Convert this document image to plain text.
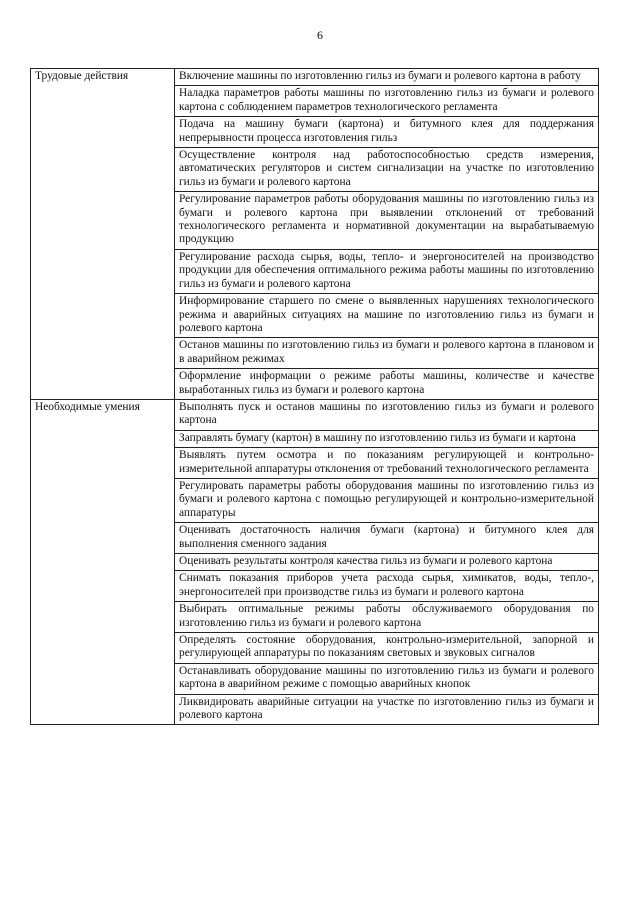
6
Трудовые действия	Включение машины по изготовлению гильз из бумаги и ролевого картона в работу
	Наладка параметров работы машины по изготовлению гильз из бумаги и ролевого картона с соблюдением параметров технологического регламента
	Подача на машину бумаги (картона) и битумного клея для поддержания непрерывности процесса изготовления гильз
	Осуществление контроля над работоспособностью средств измерения, автоматических регуляторов и систем сигнализации на участке по изготовлению гильз из бумаги и ролевого картона
	Регулирование параметров работы оборудования машины по изготовлению гильз из бумаги и ролевого картона при выявлении отклонений от требований технологического регламента и нормативной документации на вырабатываемую продукцию
	Регулирование расхода сырья, воды, тепло- и энергоносителей на производство продукции для обеспечения оптимального режима работы машины по изготовлению гильз из бумаги и ролевого картона
	Информирование старшего по смене о выявленных нарушениях технологического режима и аварийных ситуациях на машине по изготовлению гильз из бумаги и ролевого картона
	Останов машины по изготовлению гильз из бумаги и ролевого картона в плановом и в аварийном режимах
	Оформление информации о режиме работы машины, количестве и качестве выработанных гильз из бумаги и ролевого картона
Необходимые умения	Выполнять пуск и останов машины по изготовлению гильз из бумаги и ролевого картона
	Заправлять бумагу (картон) в машину по изготовлению гильз из бумаги и картона
	Выявлять путем осмотра и по показаниям регулирующей и контрольно-измерительной аппаратуры отклонения от требований технологического регламента
	Регулировать параметры работы оборудования машины по изготовлению гильз из бумаги и ролевого картона с помощью регулирующей и контрольно-измерительной аппаратуры
	Оценивать достаточность наличия бумаги (картона) и битумного клея для выполнения сменного задания
	Оценивать результаты контроля качества гильз из бумаги и ролевого картона
	Снимать показания приборов учета расхода сырья, химикатов, воды, тепло-, энергоносителей при производстве гильз из бумаги и ролевого картона
	Выбирать оптимальные режимы работы обслуживаемого оборудования по изготовлению гильз из бумаги и ролевого картона
	Определять состояние оборудования, контрольно-измерительной, запорной и регулирующей аппаратуры по показаниям световых и звуковых сигналов
	Останавливать оборудование машины по изготовлению гильз из бумаги и ролевого картона в аварийном режиме с помощью аварийных кнопок
	Ликвидировать аварийные ситуации на участке по изготовлению гильз из бумаги и ролевого картона
